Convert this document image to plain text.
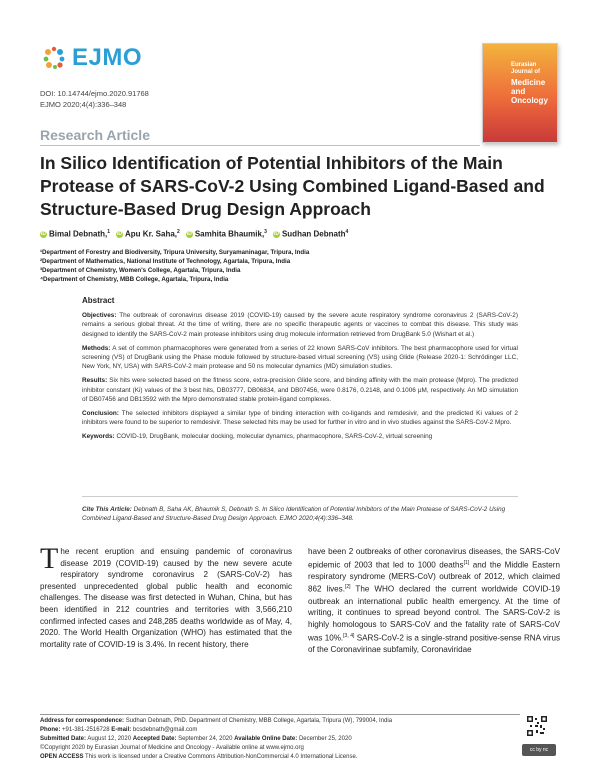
EJMO
DOI: 10.14744/ejmo.2020.91768
EJMO 2020;4(4):336–348
Eurasian Journal of
Medicine and Oncology
Research Article
In Silico Identification of Potential Inhibitors of the Main Protease of SARS-CoV-2 Using Combined Ligand-Based and Structure-Based Drug Design Approach
iD Bimal Debnath,$^1$ iD Apu Kr. Saha,$^2$ iD Samhita Bhaumik,$^3$ iD Sudhan Debnath$^4$
¹Department of Forestry and Biodiversity, Tripura University, Suryamaninagar, Tripura, India
²Department of Mathematics, National Institute of Technology, Agartala, Tripura, India
³Department of Chemistry, Women's College, Agartala, Tripura, India
⁴Department of Chemistry, MBB College, Agartala, Tripura, India
Abstract

Objectives: The outbreak of coronavirus disease 2019 (COVID-19) caused by the severe acute respiratory syndrome coronavirus 2 (SARS-CoV-2) remains a serious global threat. At the time of writing, there are no specific therapeutic agents or vaccines to combat this disease. This study was designed to identify the SARS-CoV-2 main protease inhibitors using drug molecule information retrieved from DrugBank 5.0 (Wishart et al.)

Methods: A set of common pharmacophores were generated from a series of 22 known SARS-CoV inhibitors. The best pharmacophore used for virtual screening (VS) of DrugBank using the Phase module followed by structure-based virtual screening (VS) using Glide (Release 2020-1: Schrödinger LLC, New York, NY, USA) with SARS-CoV-2 main protease and 50 ns molecular dynamics (MD) simulation studies.

Results: Six hits were selected based on the fitness score, extra-precision Glide score, and binding affinity with the main protease (Mpro). The predicted inhibitor constant (Ki) values of the 3 best hits, DB03777, DB06834, and DB07456, were 0.8176, 0.2148, and 0.1006 μM, respectively. An MD simulation of DB07456 and DB13592 with the Mpro demonstrated stable protein-ligand complexes.

Conclusion: The selected inhibitors displayed a similar type of binding interaction with co-ligands and remdesivir, and the predicted Ki values of 2 inhibitors were found to be superior to remdesivir. These selected hits may be used for further in vitro and in vivo studies against the SARS-CoV-2 Mpro.

Keywords: COVID-19, DrugBank, molecular docking, molecular dynamics, pharmacophore, SARS-CoV-2, virtual screening

Cite This Article: Debnath B, Saha AK, Bhaumik S, Debnath S. In Silico Identification of Potential Inhibitors of the Main Protease of SARS-CoV-2 Using Combined Ligand-Based and Structure-Based Drug Design Approach. EJMO 2020;4(4):336–348.
The recent eruption and ensuing pandemic of coronavirus disease 2019 (COVID-19) caused by the new severe acute respiratory syndrome coronavirus 2 (SARS-CoV-2) has presented unprecedented global public health and economic challenges. The disease was first detected in Wuhan, China, but has been identified in 212 countries and territories with 3,566,210 confirmed infected cases and 248,285 deaths worldwide as of May, 4, 2020. The World Health Organization (WHO) has estimated that the mortality rate of COVID-19 is 3.4%. In recent history, there
have been 2 outbreaks of other coronavirus diseases, the SARS-CoV epidemic of 2003 that led to 1000 deaths[1] and the Middle Eastern respiratory syndrome (MERS-CoV) outbreak of 2012, which claimed 862 lives.[2] The WHO declared the current worldwide COVID-19 outbreak an international public health emergency. At the time of writing, it continues to spread beyond control. The SARS-CoV-2 is highly homologous to SARS-CoV and the fatality rate of SARS-CoV was 10%.[3, 4] SARS-CoV-2 is a single-strand positive-sense RNA virus of the Coronavirinae subfamily, Coronaviridae
Address for correspondence: Sudhan Debnath, PhD. Department of Chemistry, MBB College, Agartala, Tripura (W), 799004, India
Phone: +91-381-2516728 E-mail: bcsdebnath@gmail.com
Submitted Date: August 12, 2020 Accepted Date: September 24, 2020 Available Online Date: December 25, 2020
©Copyright 2020 by Eurasian Journal of Medicine and Oncology - Available online at www.ejmo.org
OPEN ACCESS This work is licensed under a Creative Commons Attribution-NonCommercial 4.0 International License.
cc by nc
